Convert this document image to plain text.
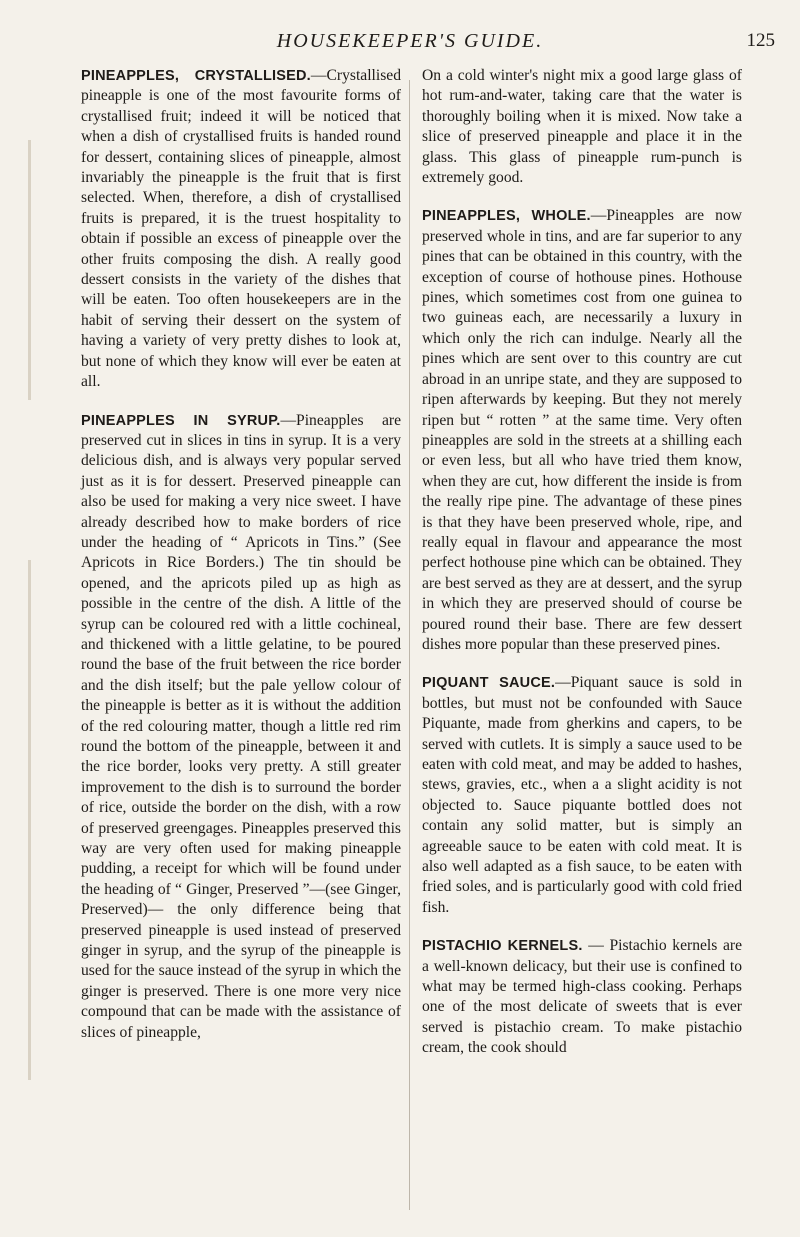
HOUSEKEEPER'S GUIDE.	125

PINEAPPLES, CRYSTALLISED.—Crystallised pineapple is one of the most favourite forms of crystallised fruit; indeed it will be noticed that when a dish of crystallised fruits is handed round for dessert, containing slices of pineapple, almost invariably the pineapple is the fruit that is first selected. When, therefore, a dish of crystallised fruits is prepared, it is the truest hospitality to obtain if possible an excess of pineapple over the other fruits composing the dish. A really good dessert consists in the variety of the dishes that will be eaten. Too often housekeepers are in the habit of serving their dessert on the system of having a variety of very pretty dishes to look at, but none of which they know will ever be eaten at all.

PINEAPPLES IN SYRUP.—Pineapples are preserved cut in slices in tins in syrup. It is a very delicious dish, and is always very popular served just as it is for dessert. Preserved pineapple can also be used for making a very nice sweet. I have already described how to make borders of rice under the heading of “ Apricots in Tins.” (See Apricots in Rice Borders.) The tin should be opened, and the apricots piled up as high as possible in the centre of the dish. A little of the syrup can be coloured red with a little cochineal, and thickened with a little gelatine, to be poured round the base of the fruit between the rice border and the dish itself; but the pale yellow colour of the pineapple is better as it is without the addition of the red colouring matter, though a little red rim round the bottom of the pineapple, between it and the rice border, looks very pretty. A still greater improvement to the dish is to surround the border of rice, outside the border on the dish, with a row of preserved greengages. Pineapples preserved this way are very often used for making pineapple pudding, a receipt for which will be found under the heading of “ Ginger, Preserved ”—(see Ginger, Preserved)— the only difference being that preserved pineapple is used instead of preserved ginger in syrup, and the syrup of the pineapple is used for the sauce instead of the syrup in which the ginger is preserved. There is one more very nice compound that can be made with the assistance of slices of pineapple,

On a cold winter's night mix a good large glass of hot rum-and-water, taking care that the water is thoroughly boiling when it is mixed. Now take a slice of preserved pineapple and place it in the glass. This glass of pineapple rum-punch is extremely good.

PINEAPPLES, WHOLE.—Pineapples are now preserved whole in tins, and are far superior to any pines that can be obtained in this country, with the exception of course of hothouse pines. Hothouse pines, which sometimes cost from one guinea to two guineas each, are necessarily a luxury in which only the rich can indulge. Nearly all the pines which are sent over to this country are cut abroad in an unripe state, and they are supposed to ripen afterwards by keeping. But they not merely ripen but “ rotten ” at the same time. Very often pineapples are sold in the streets at a shilling each or even less, but all who have tried them know, when they are cut, how different the inside is from the really ripe pine. The advantage of these pines is that they have been preserved whole, ripe, and really equal in flavour and appearance the most perfect hothouse pine which can be obtained. They are best served as they are at dessert, and the syrup in which they are preserved should of course be poured round their base. There are few dessert dishes more popular than these preserved pines.

PIQUANT SAUCE.—Piquant sauce is sold in bottles, but must not be confounded with Sauce Piquante, made from gherkins and capers, to be served with cutlets. It is simply a sauce used to be eaten with cold meat, and may be added to hashes, stews, gravies, etc., when a a slight acidity is not objected to. Sauce piquante bottled does not contain any solid matter, but is simply an agreeable sauce to be eaten with cold meat. It is also well adapted as a fish sauce, to be eaten with fried soles, and is particularly good with cold fried fish.

PISTACHIO KERNELS. — Pistachio kernels are a well-known delicacy, but their use is confined to what may be termed high-class cooking. Perhaps one of the most delicate of sweets that is ever served is pistachio cream. To make pistachio cream, the cook should
